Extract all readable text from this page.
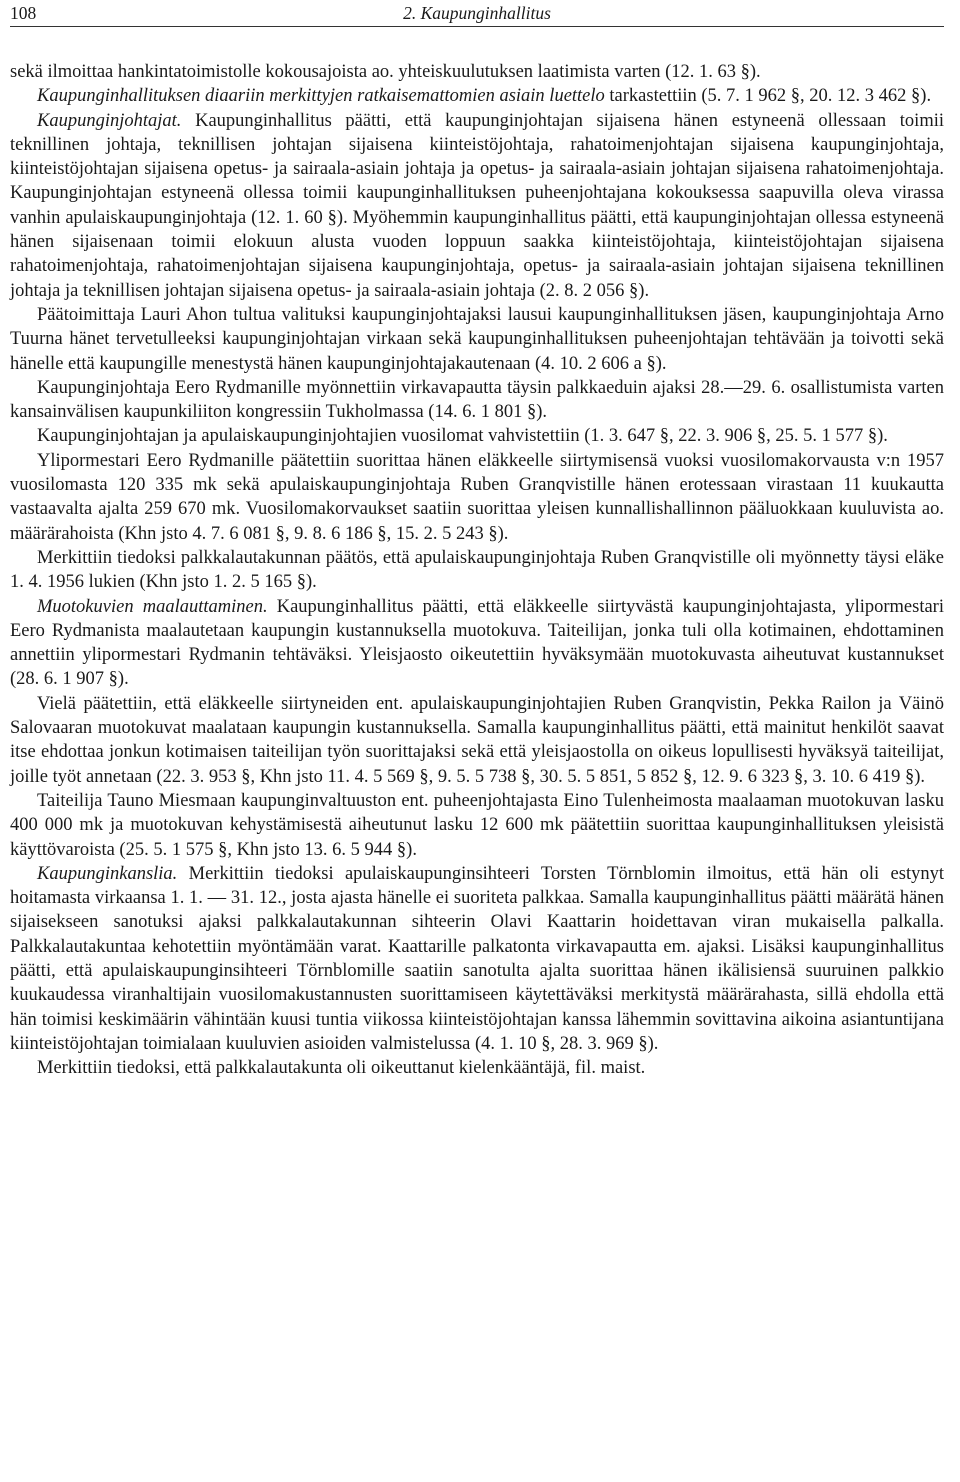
108	2. Kaupunginhallitus

sekä ilmoittaa hankintatoimistolle kokousajoista ao. yhteiskuulutuksen laatimista varten (12. 1. 63 §).

Kaupunginhallituksen diaariin merkittyjen ratkaisemattomien asiain luettelo tarkastettiin (5. 7. 1 962 §, 20. 12. 3 462 §).

Kaupunginjohtajat. Kaupunginhallitus päätti, että kaupunginjohtajan sijaisena hänen estyneenä ollessaan toimii teknillinen johtaja, teknillisen johtajan sijaisena kiinteistöjohtaja, rahatoimenjohtajan sijaisena kaupunginjohtaja, kiinteistöjohtajan sijaisena opetus- ja sairaala-asiain johtaja ja opetus- ja sairaala-asiain johtajan sijaisena rahatoimenjohtaja. Kaupunginjohtajan estyneenä ollessa toimii kaupunginhallituksen puheenjohtajana kokouksessa saapuvilla oleva virassa vanhin apulaiskaupunginjohtaja (12. 1. 60 §). Myöhemmin kaupunginhallitus päätti, että kaupunginjohtajan ollessa estyneenä hänen sijaisenaan toimii elokuun alusta vuoden loppuun saakka kiinteistöjohtaja, kiinteistöjohtajan sijaisena rahatoimenjohtaja, rahatoimenjohtajan sijaisena kaupunginjohtaja, opetus- ja sairaala-asiain johtajan sijaisena teknillinen johtaja ja teknillisen johtajan sijaisena opetus- ja sairaala-asiain johtaja (2. 8. 2 056 §).

Päätoimittaja Lauri Ahon tultua valituksi kaupunginjohtajaksi lausui kaupunginhallituksen jäsen, kaupunginjohtaja Arno Tuurna hänet tervetulleeksi kaupunginjohtajan virkaan sekä kaupunginhallituksen puheenjohtajan tehtävään ja toivotti sekä hänelle että kaupungille menestystä hänen kaupunginjohtajakautenaan (4. 10. 2 606 a §).

Kaupunginjohtaja Eero Rydmanille myönnettiin virkavapautta täysin palkkaeduin ajaksi 28.—29. 6. osallistumista varten kansainvälisen kaupunkiliiton kongressiin Tukholmassa (14. 6. 1 801 §).

Kaupunginjohtajan ja apulaiskaupunginjohtajien vuosilomat vahvistettiin (1. 3. 647 §, 22. 3. 906 §, 25. 5. 1 577 §).

Ylipormestari Eero Rydmanille päätettiin suorittaa hänen eläkkeelle siirtymisensä vuoksi vuosilomakorvausta v:n 1957 vuosilomasta 120 335 mk sekä apulaiskaupunginjohtaja Ruben Granqvistille hänen erotessaan virastaan 11 kuukautta vastaavalta ajalta 259 670 mk. Vuosilomakorvaukset saatiin suorittaa yleisen kunnallishallinnon pääluokkaan kuuluvista ao. määrärahoista (Khn jsto 4. 7. 6 081 §, 9. 8. 6 186 §, 15. 2. 5 243 §).

Merkittiin tiedoksi palkkalautakunnan päätös, että apulaiskaupunginjohtaja Ruben Granqvistille oli myönnetty täysi eläke 1. 4. 1956 lukien (Khn jsto 1. 2. 5 165 §).

Muotokuvien maalauttaminen. Kaupunginhallitus päätti, että eläkkeelle siirtyvästä kaupunginjohtajasta, ylipormestari Eero Rydmanista maalautetaan kaupungin kustannuksella muotokuva. Taiteilijan, jonka tuli olla kotimainen, ehdottaminen annettiin ylipormestari Rydmanin tehtäväksi. Yleisjaosto oikeutettiin hyväksymään muotokuvasta aiheutuvat kustannukset (28. 6. 1 907 §).

Vielä päätettiin, että eläkkeelle siirtyneiden ent. apulaiskaupunginjohtajien Ruben Granqvistin, Pekka Railon ja Väinö Salovaaran muotokuvat maalataan kaupungin kustannuksella. Samalla kaupunginhallitus päätti, että mainitut henkilöt saavat itse ehdottaa jonkun kotimaisen taiteilijan työn suorittajaksi sekä että yleisjaostolla on oikeus lopullisesti hyväksyä taiteilijat, joille työt annetaan (22. 3. 953 §, Khn jsto 11. 4. 5 569 §, 9. 5. 5 738 §, 30. 5. 5 851, 5 852 §, 12. 9. 6 323 §, 3. 10. 6 419 §).

Taiteilija Tauno Miesmaan kaupunginvaltuuston ent. puheenjohtajasta Eino Tulenheimosta maalaaman muotokuvan lasku 400 000 mk ja muotokuvan kehystämisestä aiheutunut lasku 12 600 mk päätettiin suorittaa kaupunginhallituksen yleisistä käyttövaroista (25. 5. 1 575 §, Khn jsto 13. 6. 5 944 §).

Kaupunginkanslia. Merkittiin tiedoksi apulaiskaupunginsihteeri Torsten Törnblomin ilmoitus, että hän oli estynyt hoitamasta virkaansa 1. 1. — 31. 12., josta ajasta hänelle ei suoriteta palkkaa. Samalla kaupunginhallitus päätti määrätä hänen sijaisekseen sanotuksi ajaksi palkkalautakunnan sihteerin Olavi Kaattarin hoidettavan viran mukaisella palkalla. Palkkalautakuntaa kehotettiin myöntämään varat. Kaattarille palkatonta virkavapautta em. ajaksi. Lisäksi kaupunginhallitus päätti, että apulaiskaupunginsihteeri Törnblomille saatiin sanotulta ajalta suorittaa hänen ikälisiensä suuruinen palkkio kuukaudessa viranhaltijain vuosilomakustannusten suorittamiseen käytettäväksi merkitystä määrärahasta, sillä ehdolla että hän toimisi keskimäärin vähintään kuusi tuntia viikossa kiinteistöjohtajan kanssa lähemmin sovittavina aikoina asiantuntijana kiinteistöjohtajan toimialaan kuuluvien asioiden valmistelussa (4. 1. 10 §, 28. 3. 969 §).

Merkittiin tiedoksi, että palkkalautakunta oli oikeuttanut kielenkääntäjä, fil. maist.
